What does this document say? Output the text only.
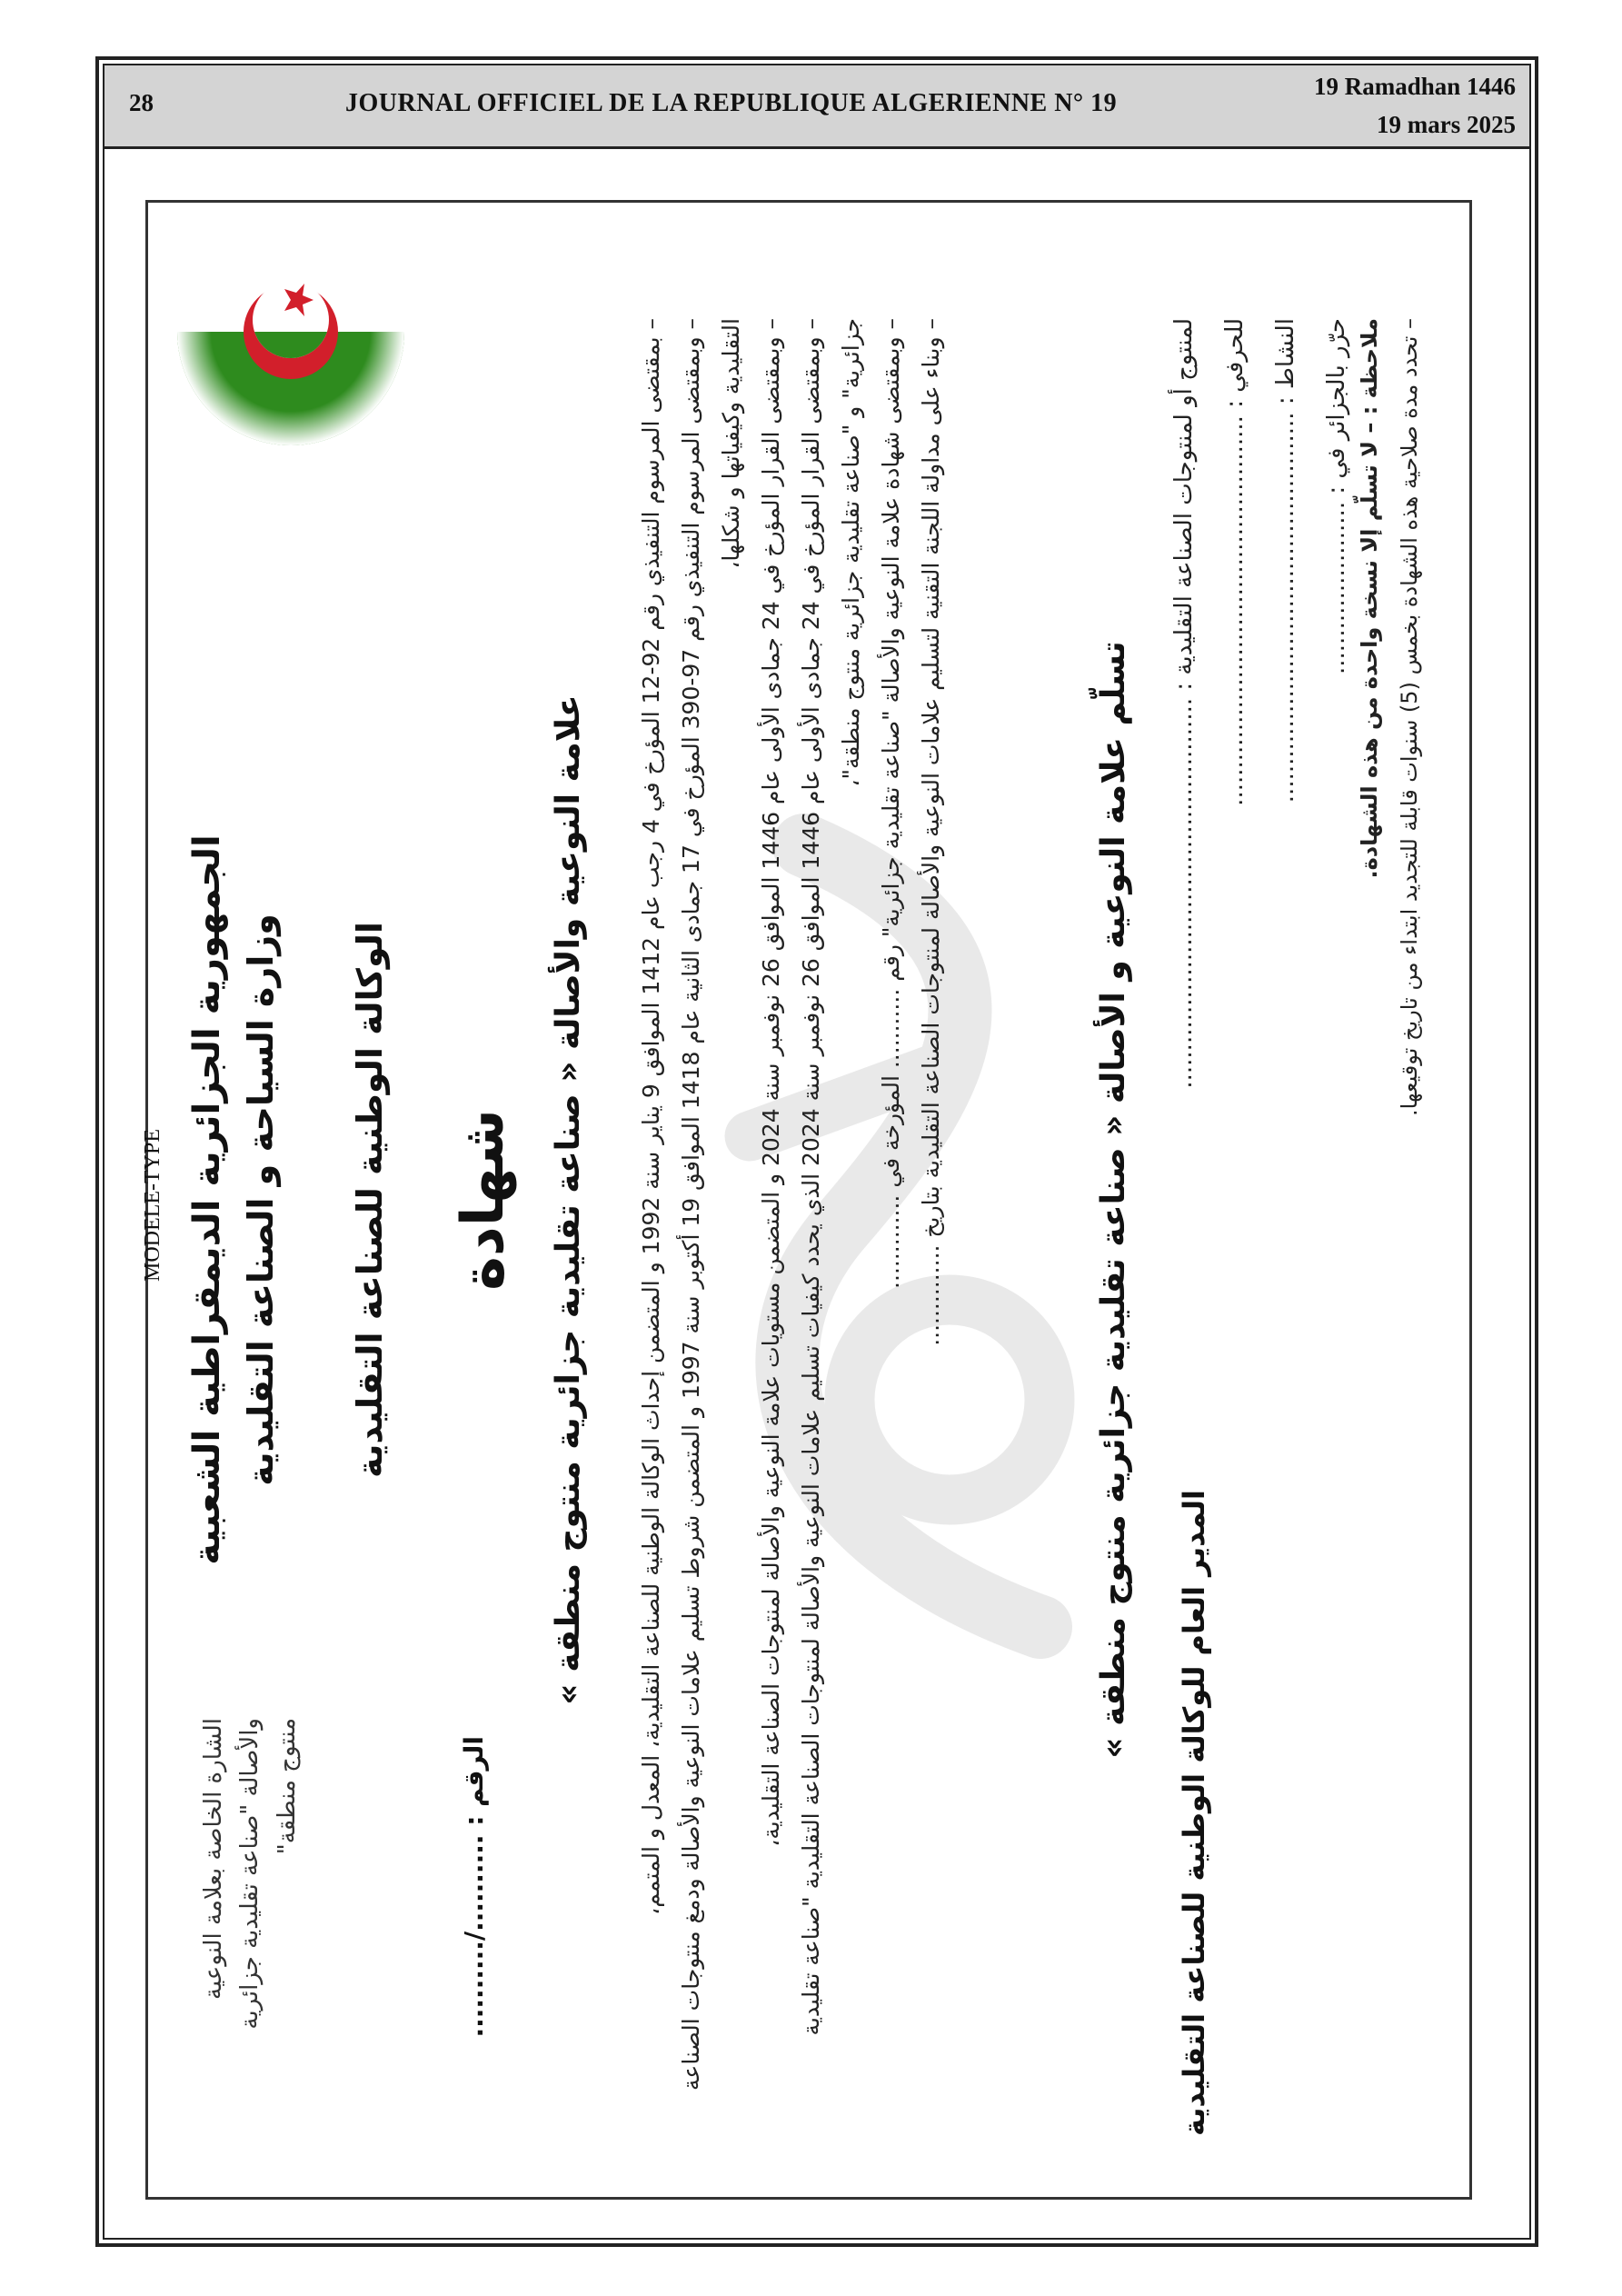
28	JOURNAL OFFICIEL DE LA REPUBLIQUE ALGERIENNE N° 19
19 Ramadhan 1446
19 mars 2025
MODELE-TYPE الجمهورية الجزائرية الديمقراطية الشعبية وزارة السياحة و الصناعة التقليدية الوكالة الوطنية للصناعة التقليدية
الشارة الخاصة بعلامة النوعية والأصالة "صناعة تقليدية جزائرية منتوج منطقة"	الرقم : ........../..........
شهادة علامة النوعية والأصالة « صناعة تقليدية جزائرية منتوج منطقة » – بمقتضى المرسوم التنفيذي رقم 92-12 المؤرخ في 4 رجب عام 1412 الموافق 9 يناير سنة 1992 و المتضمن إحداث الوكالة الوطنية للصناعة التقليدية، المعدل و المتمم،
– وبمقتضى المرسوم التنفيذي رقم 97-390 المؤرخ في 17 جمادى الثانية عام 1418 الموافق 19 أكتوبر سنة 1997 و المتضمن شروط تسليم علامات النوعية والأصالة ودمغ منتوجات الصناعة التقليدية وكيفياتها و شكلها،
– وبمقتضى القرار المؤرخ في 24 جمادى الأولى عام 1446 الموافق 26 نوفمبر سنة 2024 و المتضمن مستويات علامة النوعية والأصالة لمنتوجات الصناعة التقليدية،
– وبمقتضى القرار المؤرخ في 24 جمادى الأولى عام 1446 الموافق 26 نوفمبر سنة 2024 الذي يحدد كيفيات تسليم علامات النوعية والأصالة لمنتوجات الصناعة التقليدية "صناعة تقليدية جزائرية" و "صناعة تقليدية جزائرية منتوج منطقة"، – وبمقتضى شهادة علامة النوعية والأصالة "صناعة تقليدية جزائرية" رقم ........... المؤرخة في ............. – وبناء على مداولة اللجنة التقنية لتسليم علامات النوعية والأصالة لمنتوجات الصناعة التقليدية بتاريخ ..............	تسلّم علامة النوعية و الأصالة « صناعة تقليدية جزائرية منتوج منطقة »	لمنتوج أو لمنتوجات الصناعة التقليدية : ....................................................	للحرفي : ....................................................	النشاط : ....................................................	حرّر بالجزائر في : .......................
المدير العام للوكالة الوطنية للصناعة التقليدية
ملاحظة : – لا تسلّم إلا نسخة واحدة من هذه الشهادة.
– تحدد مدة صلاحية هذه الشهادة بخمس (5) سنوات قابلة للتجديد ابتداء من تاريخ توقيعها.
